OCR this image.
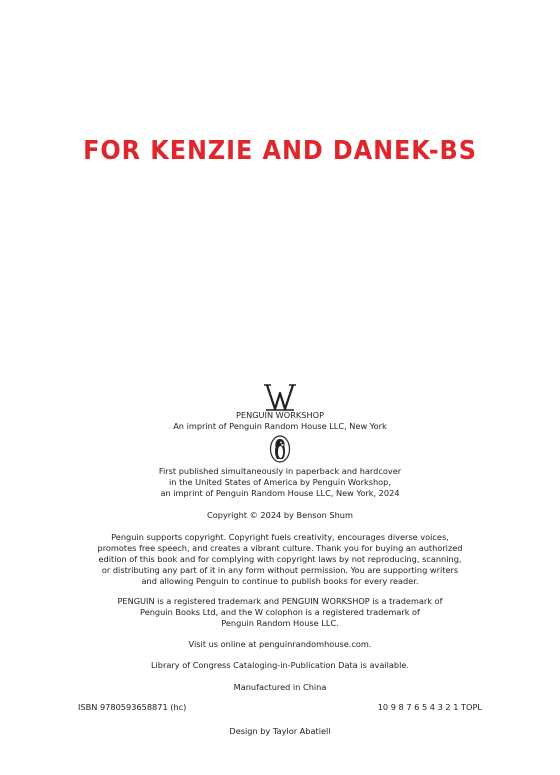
FOR KENZIE AND DANEK-BS
PENGUIN WORKSHOP
An imprint of Penguin Random House LLC, New York
First published simultaneously in paperback and hardcover
in the United States of America by Penguin Workshop,
an imprint of Penguin Random House LLC, New York, 2024
Copyright © 2024 by Benson Shum
Penguin supports copyright. Copyright fuels creativity, encourages diverse voices,
promotes free speech, and creates a vibrant culture. Thank you for buying an authorized
edition of this book and for complying with copyright laws by not reproducing, scanning,
or distributing any part of it in any form without permission. You are supporting writers
and allowing Penguin to continue to publish books for every reader.
PENGUIN is a registered trademark and PENGUIN WORKSHOP is a trademark of
Penguin Books Ltd, and the W colophon is a registered trademark of
Penguin Random House LLC.
Visit us online at penguinrandomhouse.com.
Library of Congress Cataloging-in-Publication Data is available.
Manufactured in China
ISBN 9780593658871 (hc)	10 9 8 7 6 5 4 3 2 1 TOPL
Design by Taylor Abatiell
